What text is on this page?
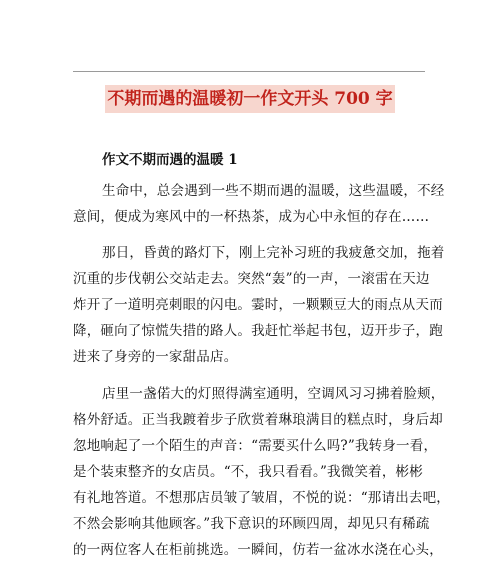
不期而遇的温暖初一作文开头 700 字
作文不期而遇的温暖 1
生命中，总会遇到一些不期而遇的温暖，这些温暖，不经
意间，便成为寒风中的一杯热茶，成为心中永恒的存在……
那日，昏黄的路灯下，刚上完补习班的我疲惫交加，拖着
沉重的步伐朝公交站走去。突然“轰”的一声，一滚雷在天边
炸开了一道明亮刺眼的闪电。霎时，一颗颗豆大的雨点从天而
降，砸向了惊慌失措的路人。我赶忙举起书包，迈开步子，跑
进来了身旁的一家甜品店。
店里一盏偌大的灯照得满室通明，空调风习习拂着脸颊，
格外舒适。正当我踱着步子欣赏着琳琅满目的糕点时，身后却
忽地响起了一个陌生的声音：“需要买什么吗?”我转身一看，
是个装束整齐的女店员。“不，我只看看。”我微笑着，彬彬
有礼地答道。不想那店员皱了皱眉，不悦的说：“那请出去吧，
不然会影响其他顾客。”我下意识的环顾四周，却见只有稀疏
的一两位客人在柜前挑选。一瞬间，仿若一盆冰水浇在心头，
